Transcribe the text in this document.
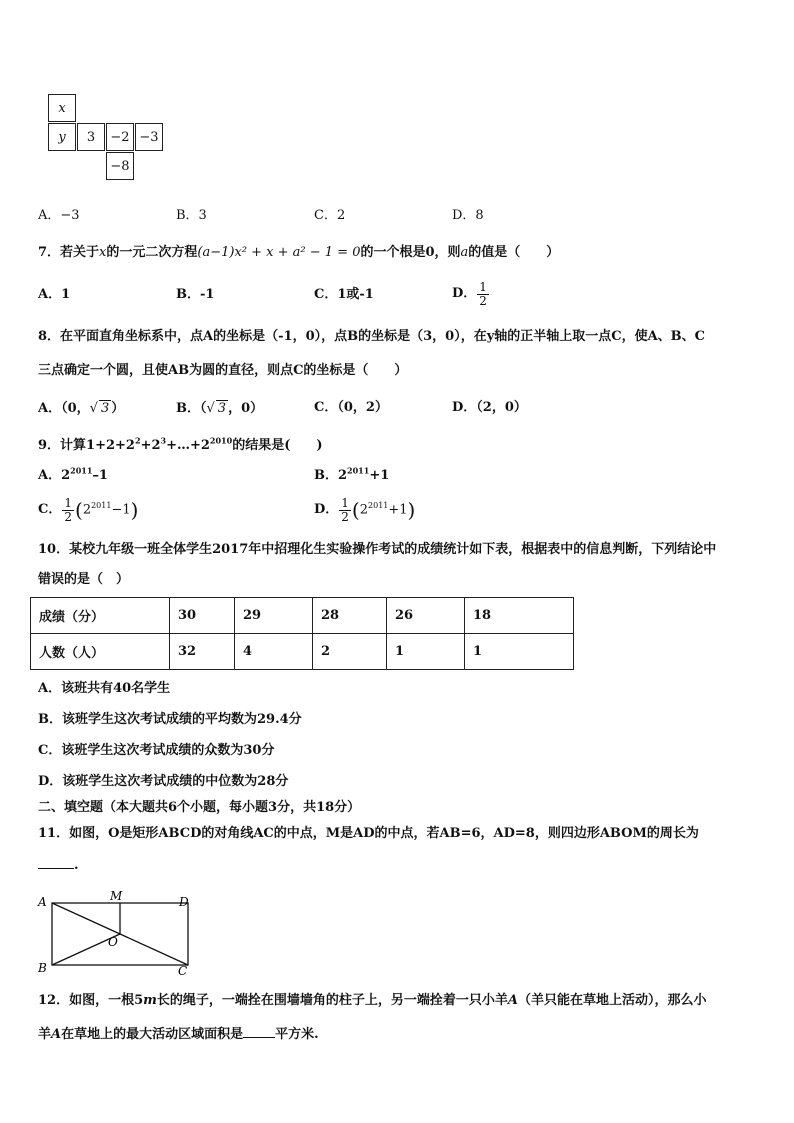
x
y	3	−2 −3
−8
A．−3	B．3	C．2	D．8
7．若关于x的一元二次方程(a−1)x² + x + a² − 1 = 0的一个根是0，则a的值是（　　）
A．1	B．-1	C．1或-1	D． $\frac{1}{2}$
8．在平面直角坐标系中，点A的坐标是（-1，0），点B的坐标是（3，0），在y轴的正半轴上取一点C，使A、B、C
三点确定一个圆，且使AB为圆的直径，则点C的坐标是（　　）
A．（0，√ 3 ）	B．（√ 3 ，0）	C．（0，2）	D．（2，0）
9．计算$1+2+2^2+2^3+\dots+2^{2010}$的结果是(　　)
A．$2^{2011}-1$	B．$2^{2011}+1$
C． $\frac{1}{2} (2^{2011}-1)$	D． $\frac{1}{2} (2^{2011}+1)$
10．某校九年级一班全体学生2017年中招理化生实验操作考试的成绩统计如下表，根据表中的信息判断，下列结论中
错误的是（　）
成绩（分）	30	29	28	26	18
人数（人）	32	4	2	1	1
A．该班共有40名学生
B．该班学生这次考试成绩的平均数为29.4分
C．该班学生这次考试成绩的众数为30分
D．该班学生这次考试成绩的中位数为28分
二、填空题（本大题共6个小题，每小题3分，共18分）
11．如图，O是矩形ABCD的对角线AC的中点，M是AD的中点，若AB=6，AD=8，则四边形ABOM的周长为
.
A	M	D
O
B	C
12．如图，一根5m长的绳子，一端拴在围墙墙角的柱子上，另一端拴着一只小羊A（羊只能在草地上活动），那么小
羊A在草地上的最大活动区域面积是 平方米.
